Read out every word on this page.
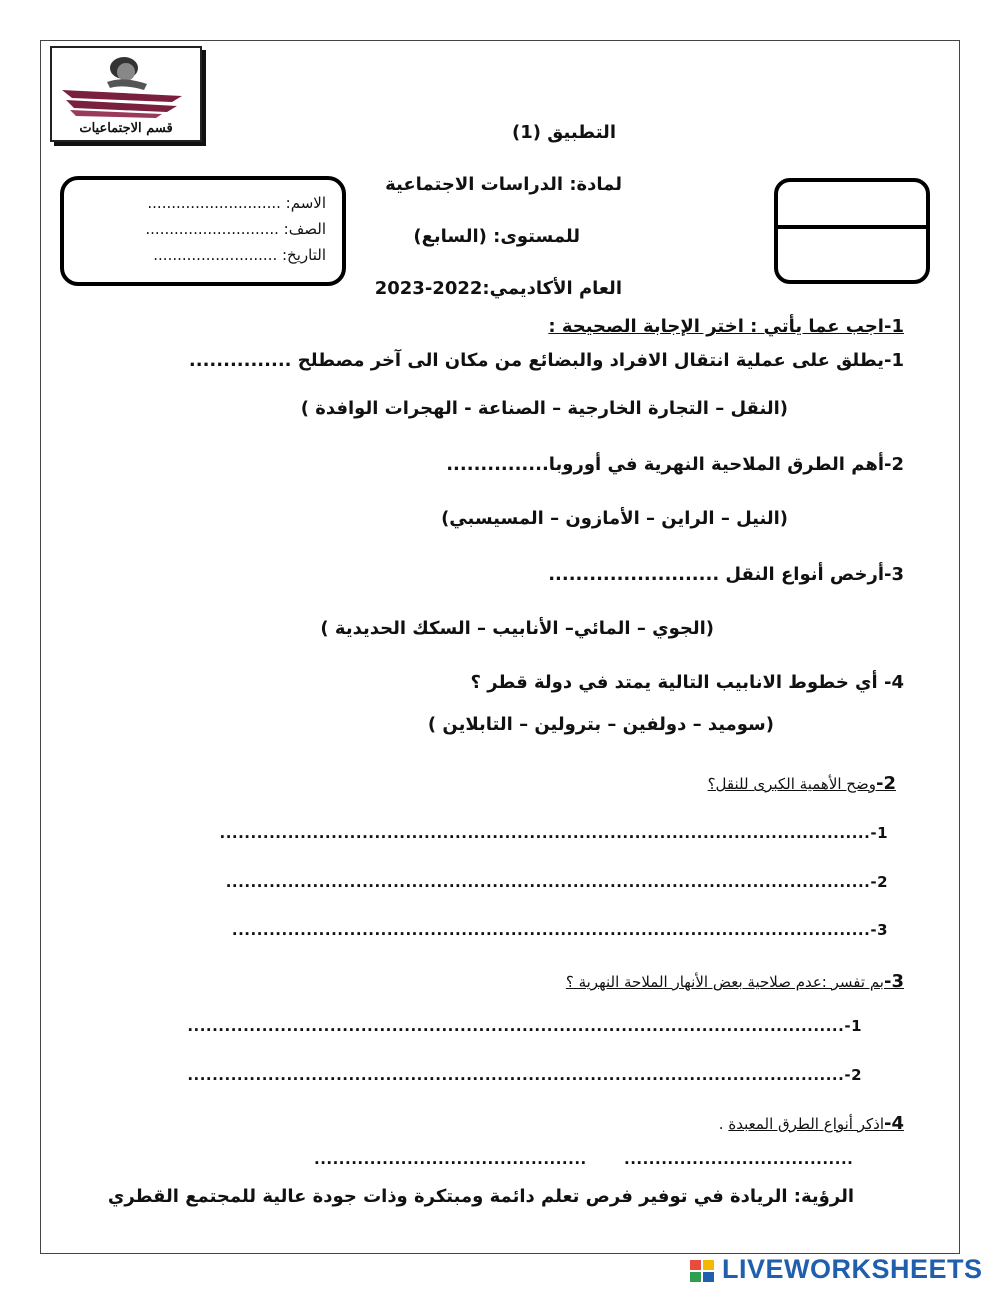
قسم الاجتماعيات	التطبيق (1)
لمادة: الدراسات الاجتماعية
للمستوى: (السابع)
العام الأكاديمي:2022-2023
الاسم: ............................
الصف: ............................
التاريخ: ..........................
1-اجب عما يأتي : اختر الإجابة الصحيحة :
1-يطلق على عملية انتقال الافراد والبضائع من مكان الى آخر مصطلح ...............
(النقل – التجارة الخارجية – الصناعة - الهجرات الوافدة )
2-أهم الطرق الملاحية النهرية في أوروبا...............
(النيل – الراين – الأمازون – المسيسبي)
3-أرخص أنواع النقل .........................
(الجوي – المائي– الأنابيب – السكك الحديدية )
4- أي خطوط الانابيب التالية يمتد في دولة قطر ؟
(سوميد – دولفين – بترولين – التابلاين )
2-وضح الأهمية الكبرى للنقل؟
1-.........................................................................................................
2-........................................................................................................
3-.......................................................................................................
3-بم تفسر :عدم صلاحية بعض الأنهار الملاحة النهرية ؟
1-..........................................................................................................
2-..........................................................................................................
4-اذكر أنواع الطرق المعبدة .
.....................................
............................................
الرؤية: الريادة في توفير فرص تعلم دائمة ومبتكرة وذات جودة عالية للمجتمع القطري
LIVEWORKSHEETS
